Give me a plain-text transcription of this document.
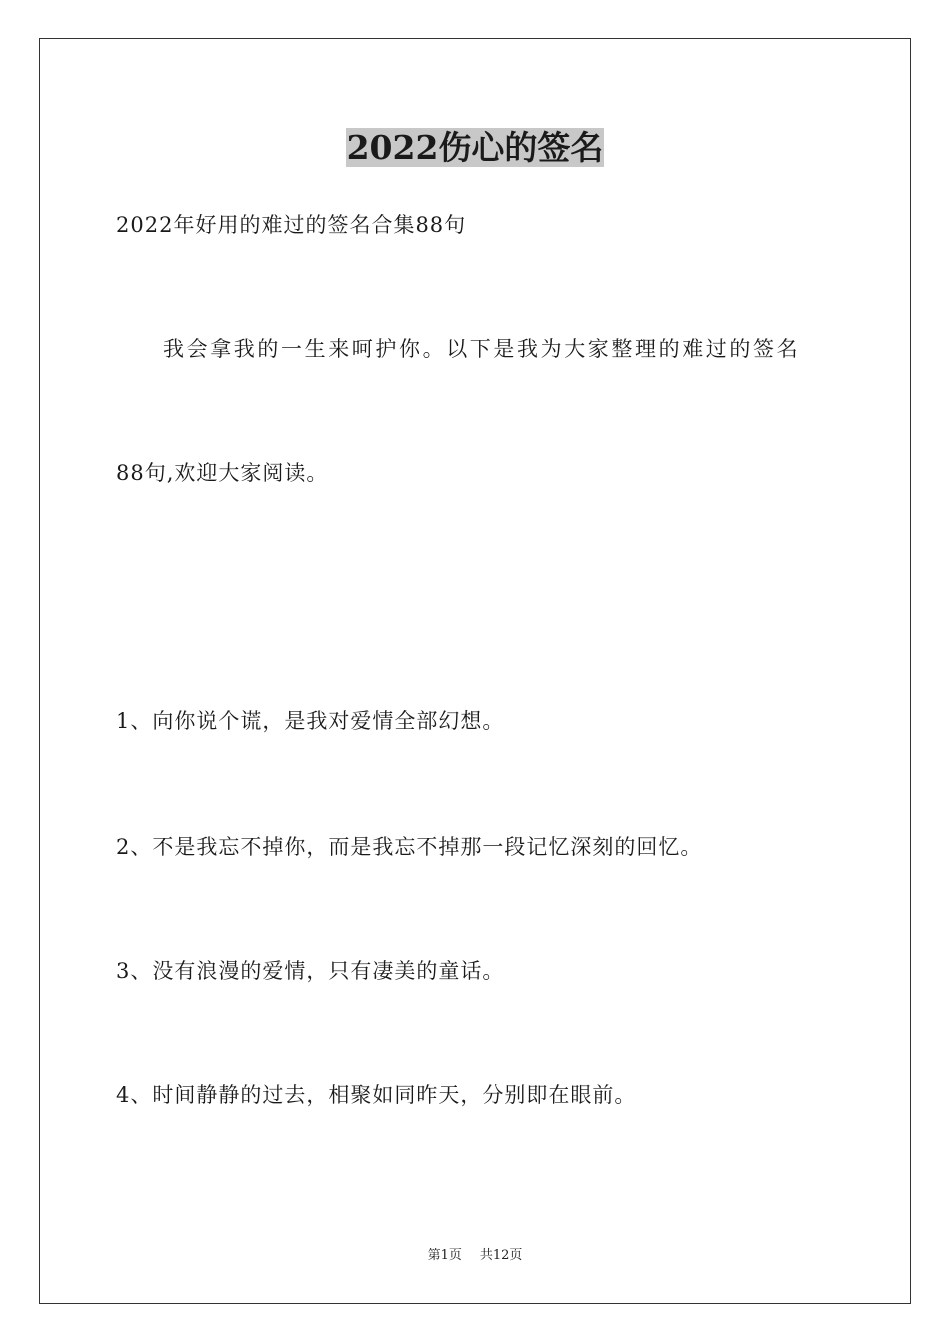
2022伤心的签名
2022年好用的难过的签名合集88句
我会拿我的一生来呵护你。以下是我为大家整理的难过的签名
88句,欢迎大家阅读。
1、向你说个谎，是我对爱情全部幻想。
2、不是我忘不掉你，而是我忘不掉那一段记忆深刻的回忆。
3、没有浪漫的爱情，只有凄美的童话。
4、时间静静的过去，相聚如同昨天，分别即在眼前。
第1页 共12页
